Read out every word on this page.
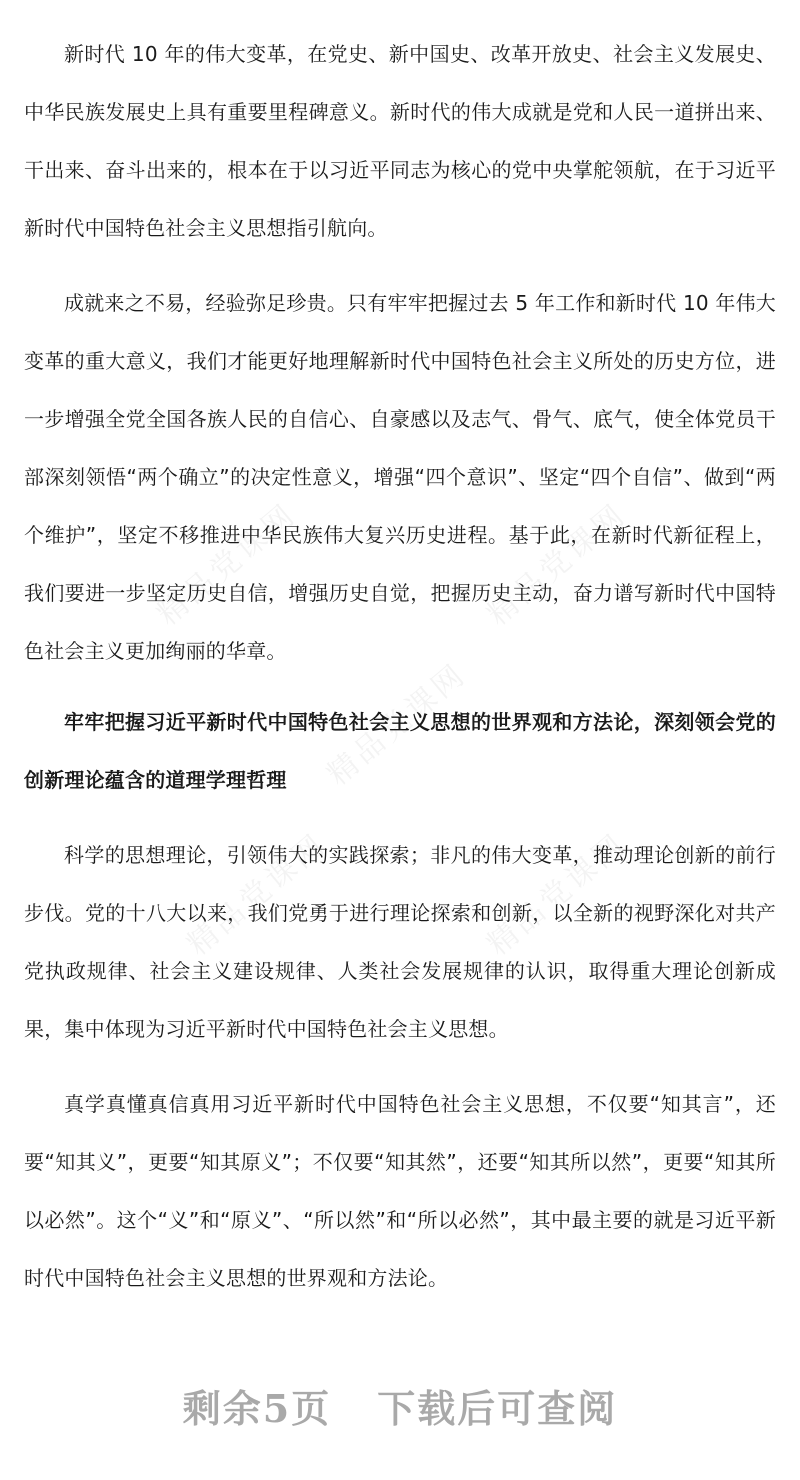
精品党课网	精品党课网
精品党课网
精品党课网	精品党课网

新时代 10 年的伟大变革，在党史、新中国史、改革开放史、社会主义发展史、中华民族发展史上具有重要里程碑意义。新时代的伟大成就是党和人民一道拼出来、干出来、奋斗出来的，根本在于以习近平同志为核心的党中央掌舵领航，在于习近平新时代中国特色社会主义思想指引航向。

成就来之不易，经验弥足珍贵。只有牢牢把握过去 5 年工作和新时代 10 年伟大变革的重大意义，我们才能更好地理解新时代中国特色社会主义所处的历史方位，进一步增强全党全国各族人民的自信心、自豪感以及志气、骨气、底气，使全体党员干部深刻领悟“两个确立”的决定性意义，增强“四个意识”、坚定“四个自信”、做到“两个维护”，坚定不移推进中华民族伟大复兴历史进程。基于此，在新时代新征程上，我们要进一步坚定历史自信，增强历史自觉，把握历史主动，奋力谱写新时代中国特色社会主义更加绚丽的华章。

牢牢把握习近平新时代中国特色社会主义思想的世界观和方法论，深刻领会党的创新理论蕴含的道理学理哲理

科学的思想理论，引领伟大的实践探索；非凡的伟大变革，推动理论创新的前行步伐。党的十八大以来，我们党勇于进行理论探索和创新，以全新的视野深化对共产党执政规律、社会主义建设规律、人类社会发展规律的认识，取得重大理论创新成果，集中体现为习近平新时代中国特色社会主义思想。

真学真懂真信真用习近平新时代中国特色社会主义思想，不仅要“知其言”，还要“知其义”，更要“知其原义”；不仅要“知其然”，还要“知其所以然”，更要“知其所以必然”。这个“义”和“原义”、“所以然”和“所以必然”，其中最主要的就是习近平新时代中国特色社会主义思想的世界观和方法论。

剩余5页 下载后可查阅
